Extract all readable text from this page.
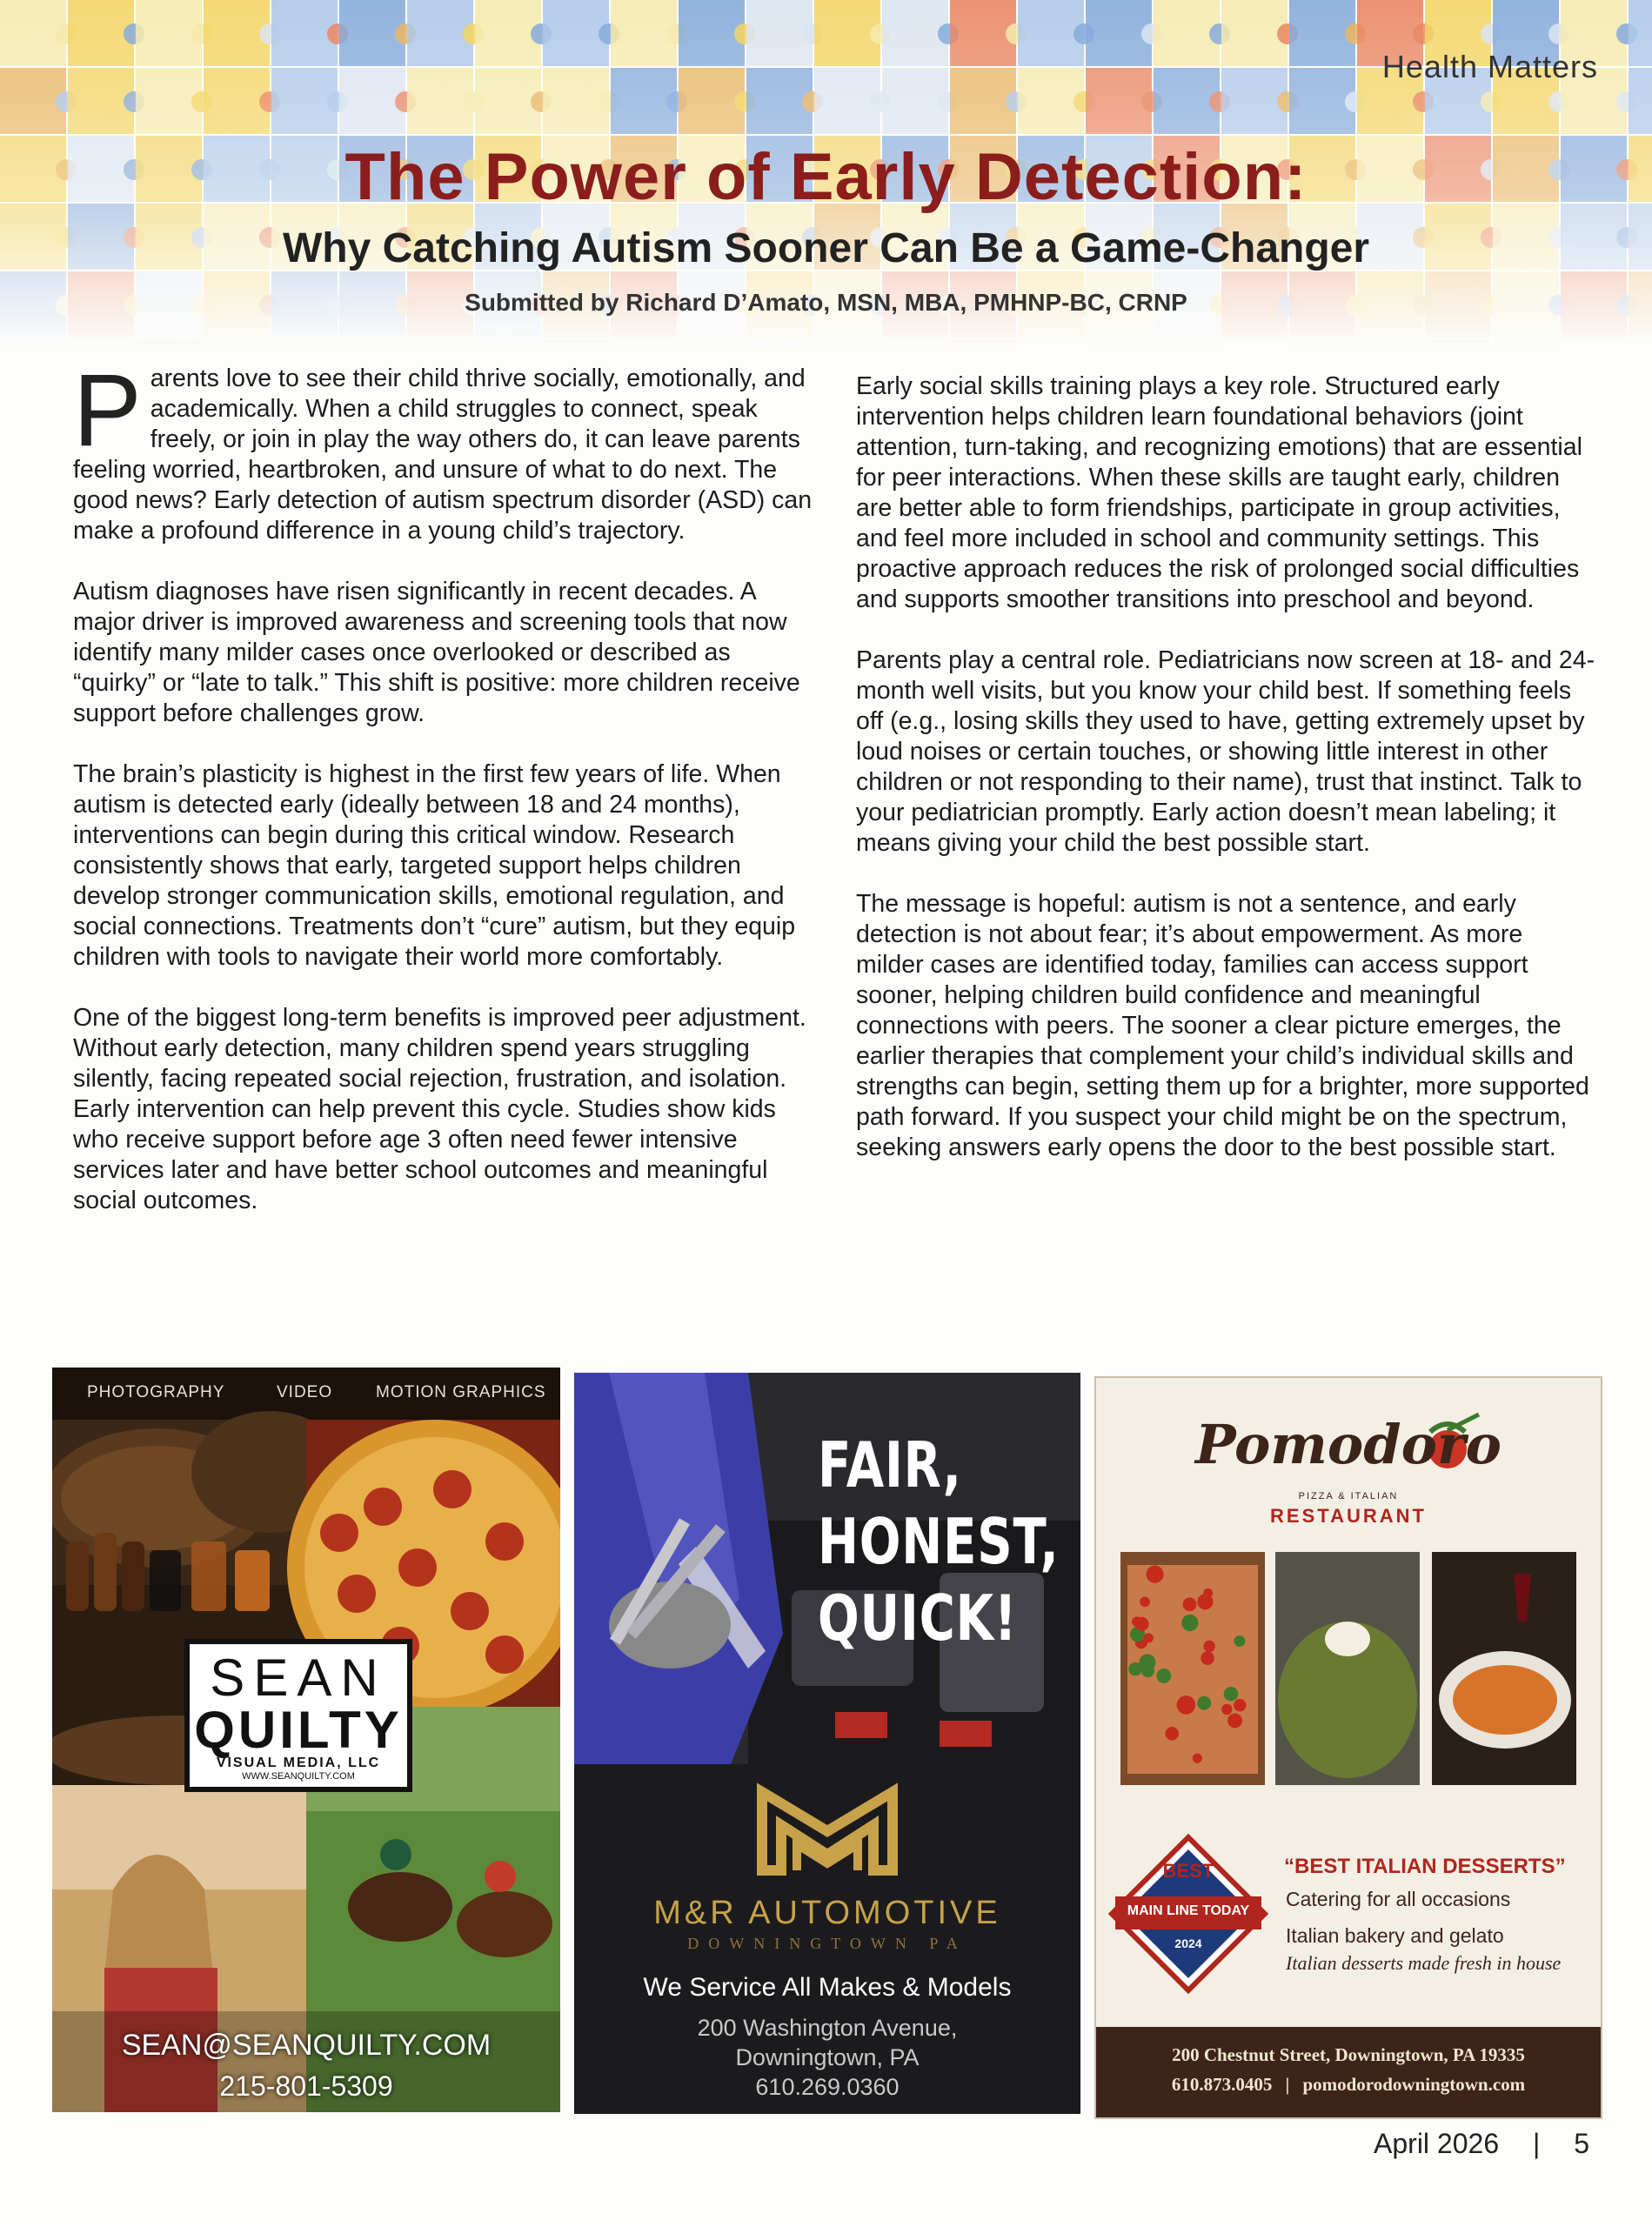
Health Matters
The Power of Early Detection:
Why Catching Autism Sooner Can Be a Game-Changer
Submitted by Richard D’Amato, MSN, MBA, PMHNP-BC, CRNP

Parents love to see their child thrive socially, emotionally, and academically. When a child struggles to connect, speak freely, or join in play the way others do, it can leave parents feeling worried, heartbroken, and unsure of what to do next. The good news? Early detection of autism spectrum disorder (ASD) can make a profound difference in a young child’s trajectory.

Autism diagnoses have risen significantly in recent decades. A major driver is improved awareness and screening tools that now identify many milder cases once overlooked or described as “quirky” or “late to talk.” This shift is positive: more children receive support before challenges grow.

The brain’s plasticity is highest in the first few years of life. When autism is detected early (ideally between 18 and 24 months), interventions can begin during this critical window. Research consistently shows that early, targeted support helps children develop stronger communication skills, emotional regulation, and social connections. Treatments don’t “cure” autism, but they equip children with tools to navigate their world more comfortably.

One of the biggest long-term benefits is improved peer adjustment. Without early detection, many children spend years struggling silently, facing repeated social rejection, frustration, and isolation. Early intervention can help prevent this cycle. Studies show kids who receive support before age 3 often need fewer intensive services later and have better school outcomes and meaningful social outcomes.

Early social skills training plays a key role. Structured early intervention helps children learn foundational behaviors (joint attention, turn-taking, and recognizing emotions) that are essential for peer interactions. When these skills are taught early, children are better able to form friendships, participate in group activities, and feel more included in school and community settings. This proactive approach reduces the risk of prolonged social difficulties and supports smoother transitions into preschool and beyond.

Parents play a central role. Pediatricians now screen at 18- and 24-month well visits, but you know your child best. If something feels off (e.g., losing skills they used to have, getting extremely upset by loud noises or certain touches, or showing little interest in other children or not responding to their name), trust that instinct. Talk to your pediatrician promptly. Early action doesn’t mean labeling; it means giving your child the best possible start.

The message is hopeful: autism is not a sentence, and early detection is not about fear; it’s about empowerment. As more milder cases are identified today, families can access support sooner, helping children build confidence and meaningful connections with peers. The sooner a clear picture emerges, the earlier therapies that complement your child’s individual skills and strengths can begin, setting them up for a brighter, more supported path forward. If you suspect your child might be on the spectrum, seeking answers early opens the door to the best possible start.

PHOTOGRAPHY	VIDEO	MOTION GRAPHICS
SEAN
QUILTY
VISUAL MEDIA, LLC
WWW.SEANQUILTY.COM
SEAN@SEANQUILTY.COM
215-801-5309
FAIR,
HONEST,
QUICK!
M&R AUTOMOTIVE
DOWNINGTOWN PA
We Service All Makes & Models
200 Washington Avenue,
Downingtown, PA
610.269.0360
Pomodoro
PIZZA & ITALIAN
RESTAURANT
BEST
MAIN LINE TODAY
2024
“BEST ITALIAN DESSERTS”
Catering for all occasions
Italian bakery and gelato
Italian desserts made fresh in house
200 Chestnut Street, Downingtown, PA 19335
610.873.0405 | pomodorodowningtown.com
April 2026 | 5
